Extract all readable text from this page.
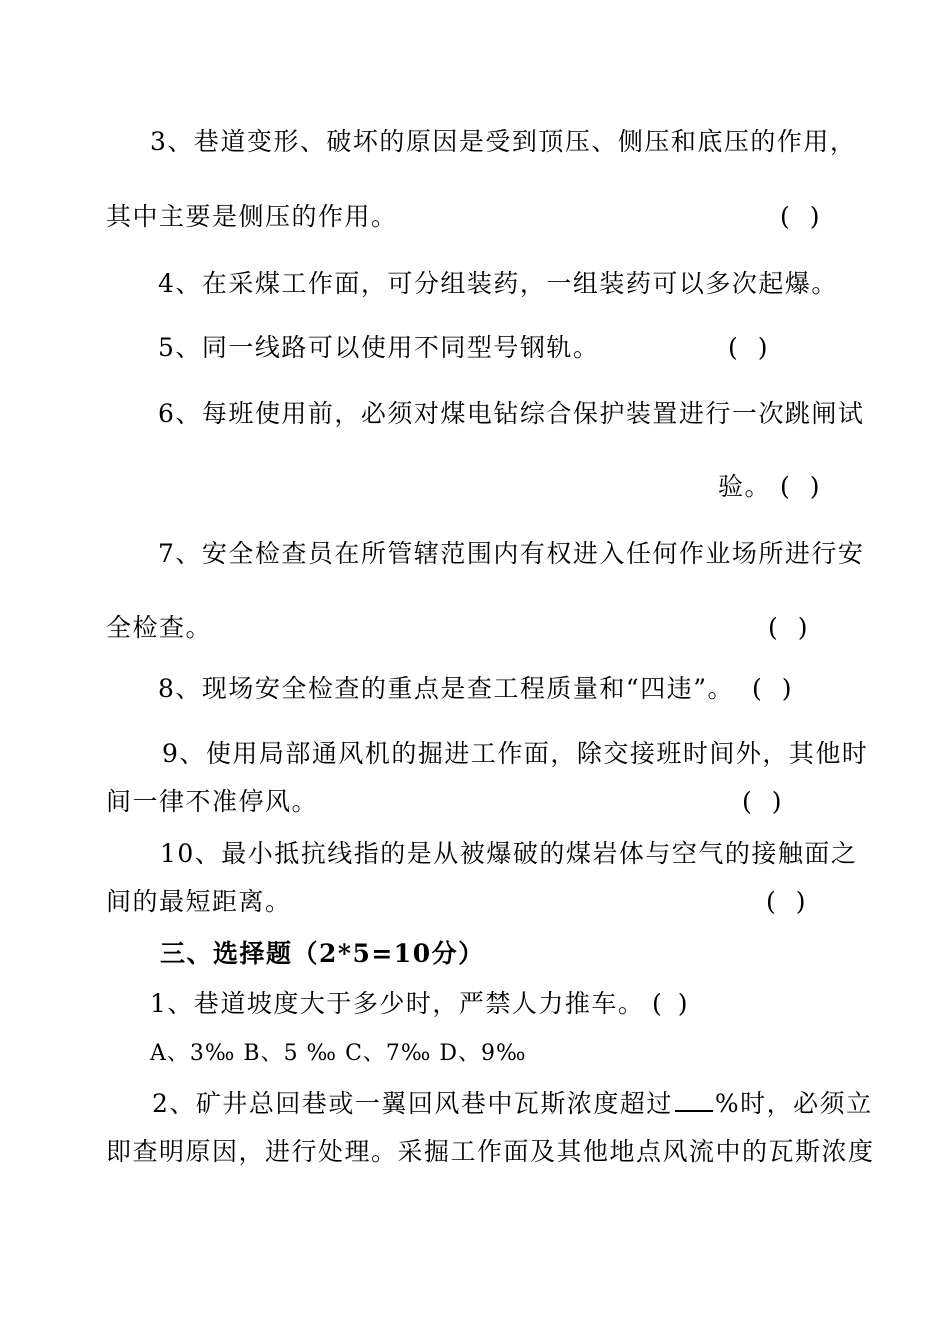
3、巷道变形、破坏的原因是受到顶压、侧压和底压的作用，
其中主要是侧压的作用。	( )
4、在采煤工作面，可分组装药，一组装药可以多次起爆。
5、同一线路可以使用不同型号钢轨。	( )
6、每班使用前，必须对煤电钻综合保护装置进行一次跳闸试
验。 ( )
7、安全检查员在所管辖范围内有权进入任何作业场所进行安
全检查。	( )
8、现场安全检查的重点是查工程质量和“四违”。 ( )
9、使用局部通风机的掘进工作面，除交接班时间外，其他时
间一律不准停风。	( )
10、最小抵抗线指的是从被爆破的煤岩体与空气的接触面之
间的最短距离。	( )
三、选择题（2*5=10分）
1、巷道坡度大于多少时，严禁人力推车。 ( )
A、3‰ B、5 ‰ C、7‰ D、9‰
2、矿井总回巷或一翼回风巷中瓦斯浓度超过 %时，必须立
即查明原因，进行处理。采掘工作面及其他地点风流中的瓦斯浓度
